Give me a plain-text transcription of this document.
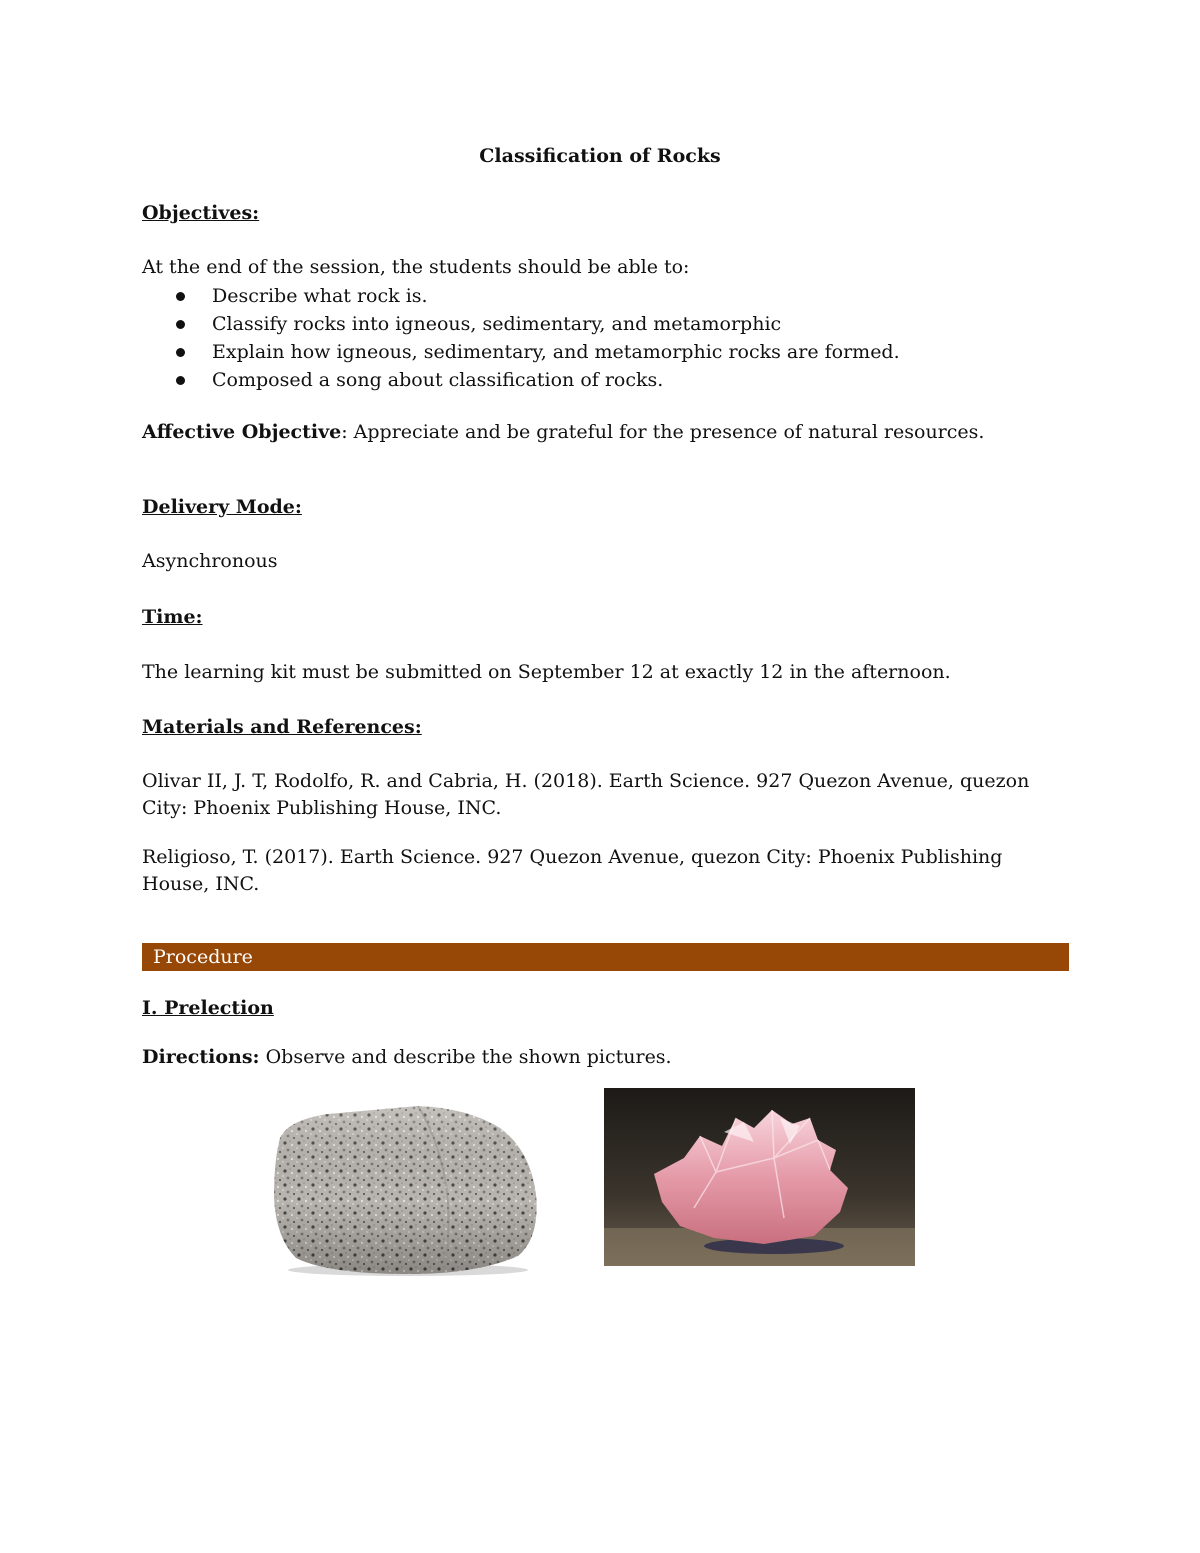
Classification of Rocks
Objectives:
At the end of the session, the students should be able to:
Describe what rock is.
Classify rocks into igneous, sedimentary, and metamorphic
Explain how igneous, sedimentary, and metamorphic rocks are formed.
Composed a song about classification of rocks.
Affective Objective: Appreciate and be grateful for the presence of natural resources.
Delivery Mode:
Asynchronous
Time:
The learning kit must be submitted on September 12 at exactly 12 in the afternoon.
Materials and References:
Olivar II, J. T, Rodolfo, R. and Cabria, H. (2018). Earth Science. 927 Quezon Avenue, quezon City: Phoenix Publishing House, INC.
Religioso, T. (2017). Earth Science. 927 Quezon Avenue, quezon City: Phoenix Publishing House, INC.
Procedure
I. Prelection
Directions: Observe and describe the shown pictures.
